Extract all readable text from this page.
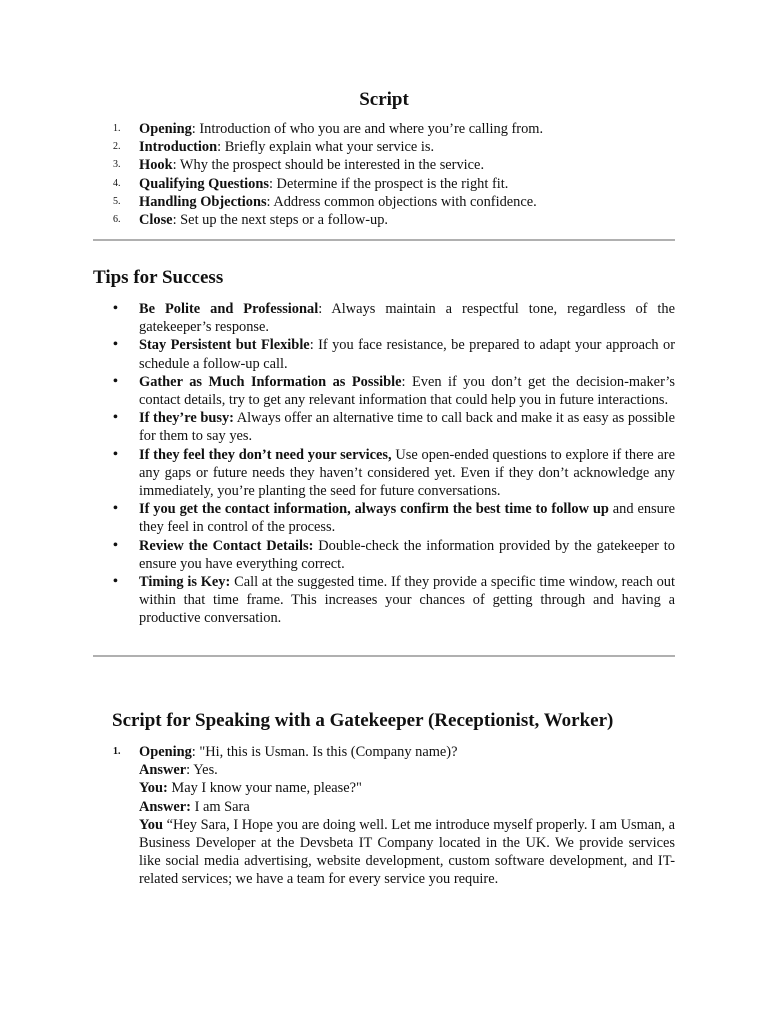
Script
1. Opening: Introduction of who you are and where you’re calling from.
2. Introduction: Briefly explain what your service is.
3. Hook: Why the prospect should be interested in the service.
4. Qualifying Questions: Determine if the prospect is the right fit.
5. Handling Objections: Address common objections with confidence.
6. Close: Set up the next steps or a follow-up.
Tips for Success
• Be Polite and Professional: Always maintain a respectful tone, regardless of the gatekeeper’s response.
• Stay Persistent but Flexible: If you face resistance, be prepared to adapt your approach or schedule a follow-up call.
• Gather as Much Information as Possible: Even if you don’t get the decision-maker’s contact details, try to get any relevant information that could help you in future interactions.
• If they’re busy: Always offer an alternative time to call back and make it as easy as possible for them to say yes.
• If they feel they don’t need your services, Use open-ended questions to explore if there are any gaps or future needs they haven’t considered yet. Even if they don’t acknowledge any immediately, you’re planting the seed for future conversations.
• If you get the contact information, always confirm the best time to follow up and ensure they feel in control of the process.
• Review the Contact Details: Double-check the information provided by the gatekeeper to ensure you have everything correct.
• Timing is Key: Call at the suggested time. If they provide a specific time window, reach out within that time frame. This increases your chances of getting through and having a productive conversation.
Script for Speaking with a Gatekeeper (Receptionist, Worker)
1. Opening: "Hi, this is Usman. Is this (Company name)?
Answer: Yes.
You: May I know your name, please?"
Answer: I am Sara
You “Hey Sara, I Hope you are doing well. Let me introduce myself properly. I am Usman, a Business Developer at the Devsbeta IT Company located in the UK. We provide services like social media advertising, website development, custom software development, and IT-related services; we have a team for every service you require.
